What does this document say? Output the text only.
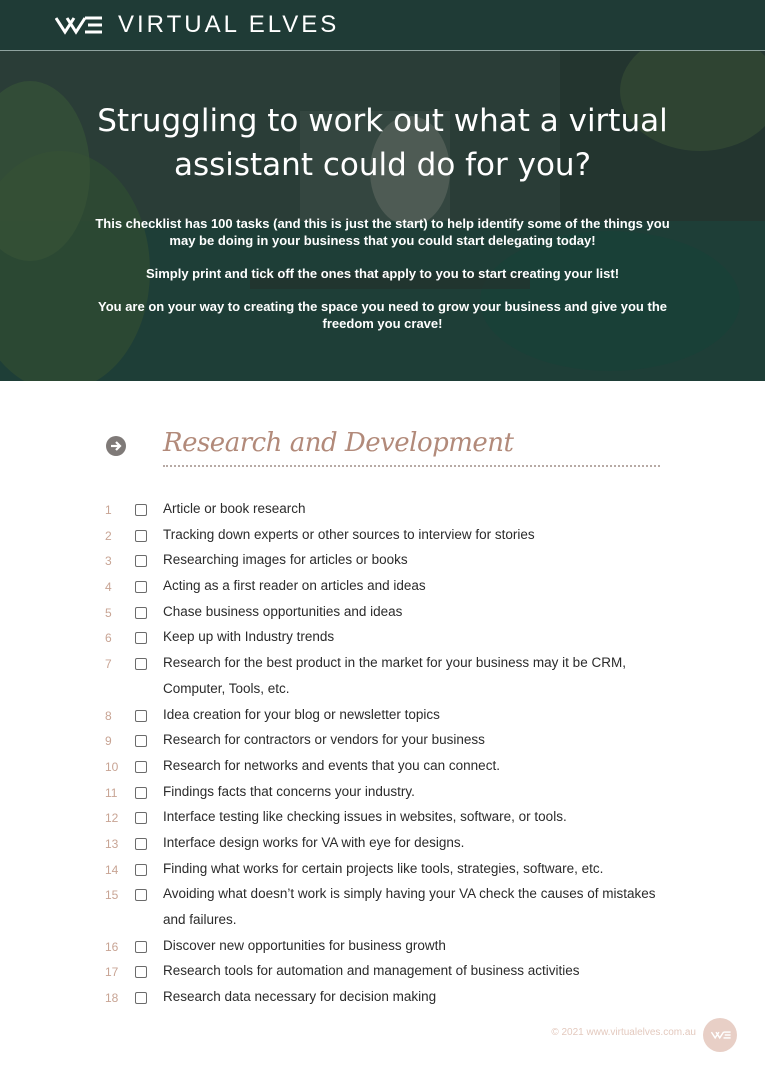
VIRTUAL ELVES
Struggling to work out what a virtual assistant could do for you?
This checklist has 100 tasks (and this is just the start) to help identify some of the things you may be doing in your business that you could start delegating today!
Simply print and tick off the ones that apply to you to start creating your list!
You are on your way to creating the space you need to grow your business and give you the freedom you crave!
Research and Development
1	Article or book research
2	Tracking down experts or other sources to interview for stories
3	Researching images for articles or books
4	Acting as a first reader on articles and ideas
5	Chase business opportunities and ideas
6	Keep up with Industry trends
7	Research for the best product in the market for your business may it be CRM, Computer, Tools, etc.
8	Idea creation for your blog or newsletter topics
9	Research for contractors or vendors for your business
10	Research for networks and events that you can connect.
11	Findings facts that concerns your industry.
12	Interface testing like checking issues in websites, software, or tools.
13	Interface design works for VA with eye for designs.
14	Finding what works for certain projects like tools, strategies, software, etc.
15	Avoiding what doesn’t work is simply having your VA check the causes of mistakes and failures.
16	Discover new opportunities for business growth
17	Research tools for automation and management of business activities
18	Research data necessary for decision making
© 2021 www.virtualelves.com.au
